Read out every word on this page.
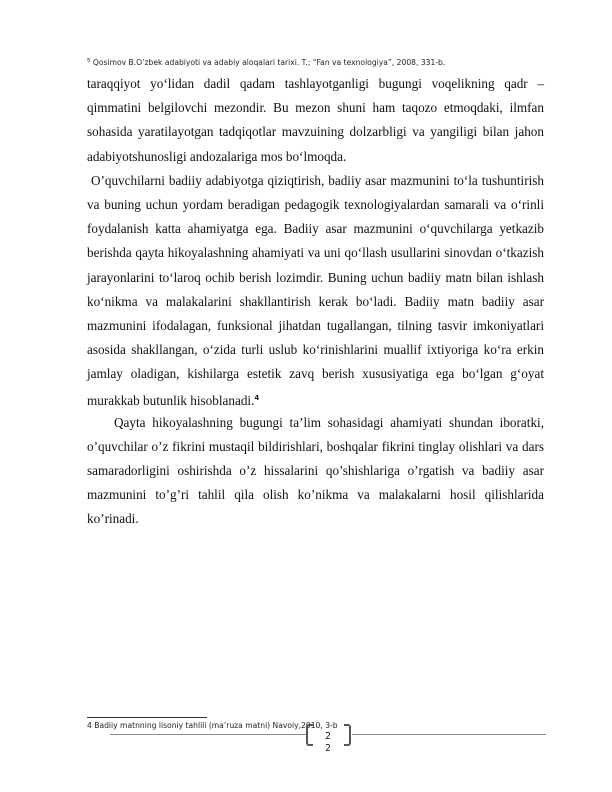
$^5$ Qosimov B.O‘zbek adabiyoti va adabiy aloqalari tarixi. T.; “Fan va texnologiya”, 2008, 331-b.
taraqqiyot yo‘lidan dadil qadam tashlayotganligi bugungi voqelikning qadr –
qimmatini belgilovchi mezondir. Bu mezon shuni ham taqozo etmoqdaki, ilmfan
sohasida yaratilayotgan tadqiqotlar mavzuining dolzarbligi va yangiligi bilan jahon
adabiyotshunosligi andozalariga mos bo‘lmoqda.
O’quvchilarni badiiy adabiyotga qiziqtirish, badiiy asar mazmunini to‘la tushuntirish
va buning uchun yordam beradigan pedagogik texnologiyalardan samarali va o‘rinli
foydalanish katta ahamiyatga ega. Badiiy asar mazmunini o‘quvchilarga yetkazib
berishda qayta hikoyalashning ahamiyati va uni qo‘llash usullarini sinovdan o‘tkazish
jarayonlarini to‘laroq ochib berish lozimdir. Buning uchun badiiy matn bilan ishlash
ko‘nikma va malakalarini shakllantirish kerak bo‘ladi. Badiiy matn badiiy asar
mazmunini ifodalagan, funksional jihatdan tugallangan, tilning tasvir imkoniyatlari
asosida shakllangan, o‘zida turli uslub ko‘rinishlarini muallif ixtiyoriga ko‘ra erkin
jamlay oladigan, kishilarga estetik zavq berish xususiyatiga ega bo‘lgan g‘oyat
murakkab butunlik hisoblanadi.$^4$
Qayta hikoyalashning bugungi ta’lim sohasidagi ahamiyati shundan iboratki,
o’quvchilar o’z fikrini mustaqil bildirishlari, boshqalar fikrini tinglay olishlari va dars
samaradorligini oshirishda o’z hissalarini qo’shishlariga o’rgatish va badiiy asar
mazmunini to’g’ri tahlil qila olish ko’nikma va malakalarni hosil qilishlarida
ko’rinadi.
4 Badiiy matnning lisoniy tahlili (ma’ruza matni) Navoiy,2010, 3-b
2
2
